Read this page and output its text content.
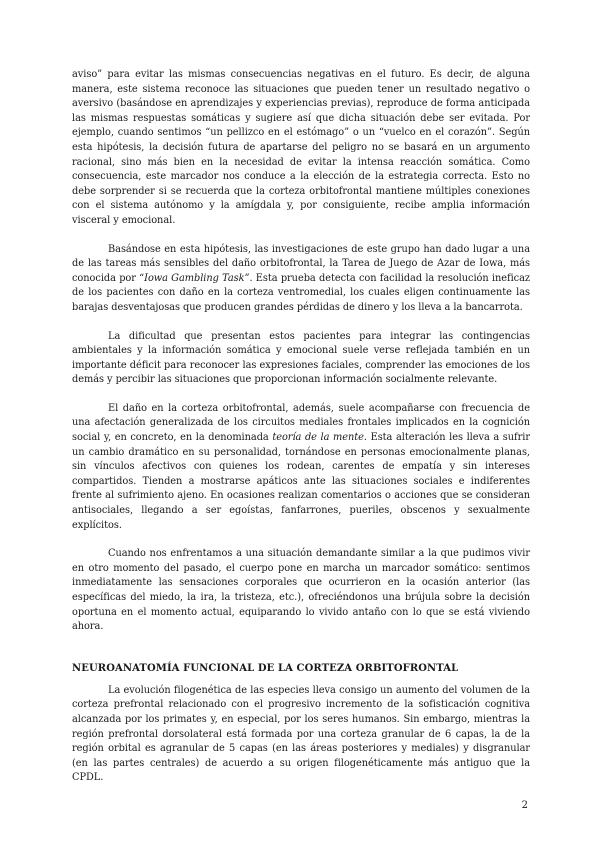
aviso” para evitar las mismas consecuencias negativas en el futuro. Es decir, de alguna manera, este sistema reconoce las situaciones que pueden tener un resultado negativo o aversivo (basándose en aprendizajes y experiencias previas), reproduce de forma anticipada las mismas respuestas somáticas y sugiere así que dicha situación debe ser evitada. Por ejemplo, cuando sentimos “un pellizco en el estómago” o un “vuelco en el corazón”. Según esta hipótesis, la decisión futura de apartarse del peligro no se basará en un argumento racional, sino más bien en la necesidad de evitar la intensa reacción somática. Como consecuencia, este marcador nos conduce a la elección de la estrategia correcta. Esto no debe sorprender si se recuerda que la corteza orbitofrontal mantiene múltiples conexiones con el sistema autónomo y la amígdala y, por consiguiente, recibe amplia información visceral y emocional.

Basándose en esta hipótesis, las investigaciones de este grupo han dado lugar a una de las tareas más sensibles del daño orbitofrontal, la Tarea de Juego de Azar de Iowa, más conocida por “Iowa Gambling Task”. Esta prueba detecta con facilidad la resolución ineficaz de los pacientes con daño en la corteza ventromedial, los cuales eligen continuamente las barajas desventajosas que producen grandes pérdidas de dinero y los lleva a la bancarrota.

La dificultad que presentan estos pacientes para integrar las contingencias ambientales y la información somática y emocional suele verse reflejada también en un importante déficit para reconocer las expresiones faciales, comprender las emociones de los demás y percibir las situaciones que proporcionan información socialmente relevante.

El daño en la corteza orbitofrontal, además, suele acompañarse con frecuencia de una afectación generalizada de los circuitos mediales frontales implicados en la cognición social y, en concreto, en la denominada teoría de la mente. Esta alteración les lleva a sufrir un cambio dramático en su personalidad, tornándose en personas emocionalmente planas, sin vínculos afectivos con quienes los rodean, carentes de empatía y sin intereses compartidos. Tienden a mostrarse apáticos ante las situaciones sociales e indiferentes frente al sufrimiento ajeno. En ocasiones realizan comentarios o acciones que se consideran antisociales, llegando a ser egoístas, fanfarrones, pueriles, obscenos y sexualmente explícitos.

Cuando nos enfrentamos a una situación demandante similar a la que pudimos vivir en otro momento del pasado, el cuerpo pone en marcha un marcador somático: sentimos inmediatamente las sensaciones corporales que ocurrieron en la ocasión anterior (las específicas del miedo, la ira, la tristeza, etc.), ofreciéndonos una brújula sobre la decisión oportuna en el momento actual, equiparando lo vivido antaño con lo que se está viviendo ahora.

NEUROANATOMÍA FUNCIONAL DE LA CORTEZA ORBITOFRONTAL

La evolución filogenética de las especies lleva consigo un aumento del volumen de la corteza prefrontal relacionado con el progresivo incremento de la sofisticación cognitiva alcanzada por los primates y, en especial, por los seres humanos. Sin embargo, mientras la región prefrontal dorsolateral está formada por una corteza granular de 6 capas, la de la región orbital es agranular de 5 capas (en las áreas posteriores y mediales) y disgranular (en las partes centrales) de acuerdo a su origen filogenéticamente más antiguo que la CPDL.

2
